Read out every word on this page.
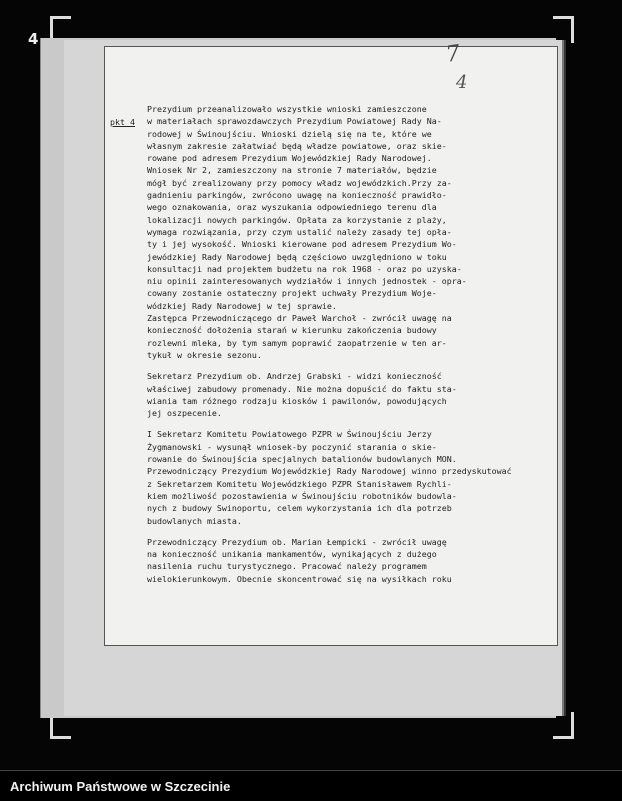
4
7
4
pkt 4
Prezydium przeanalizowało wszystkie wnioski zamieszczone
w materiałach sprawozdawczych Prezydium Powiatowej Rady Na-
rodowej w Świnoujściu. Wnioski dzielą się na te, które we
własnym zakresie załatwiać będą władze powiatowe, oraz skie-
rowane pod adresem Prezydium Wojewódzkiej Rady Narodowej.
Wniosek Nr 2, zamieszczony na stronie 7 materiałów, będzie
mógł być zrealizowany przy pomocy władz wojewódzkich.Przy za-
gadnieniu parkingów, zwrócono uwagę na konieczność prawidło-
wego oznakowania, oraz wyszukania odpowiedniego terenu dla
lokalizacji nowych parkingów. Opłata za korzystanie z plaży,
wymaga rozwiązania, przy czym ustalić należy zasady tej opła-
ty i jej wysokość. Wnioski kierowane pod adresem Prezydium Wo-
jewódzkiej Rady Narodowej będą częściowo uwzględniono w toku
konsultacji nad projektem budżetu na rok 1968 - oraz po uzyska-
niu opinii zainteresowanych wydziałów i innych jednostek - opra-
cowany zostanie ostateczny projekt uchwały Prezydium Woje-
wódzkiej Rady Narodowej w tej sprawie.
Zastępca Przewodniczącego dr Paweł Warchoł - zwrócił uwagę na
konieczność dołożenia starań w kierunku zakończenia budowy
rozlewni mleka, by tym samym poprawić zaopatrzenie w ten ar-
tykuł w okresie sezonu.
Sekretarz Prezydium ob. Andrzej Grabski - widzi konieczność
właściwej zabudowy promenady. Nie można dopuścić do faktu sta-
wiania tam różnego rodzaju kiosków i pawilonów, powodujących
jej oszpecenie.
I Sekretarz Komitetu Powiatowego PZPR w Świnoujściu Jerzy
Żygmanowski - wysunął wniosek-by poczynić starania o skie-
rowanie do Świnoujścia specjalnych batalionów budowlanych MON.
Przewodniczący Prezydium Wojewódzkiej Rady Narodowej winno przedyskutować
z Sekretarzem Komitetu Wojewódzkiego PZPR Stanisławem Rychli-
kiem możliwość pozostawienia w Świnoujściu robotników budowla-
nych z budowy Swinoportu, celem wykorzystania ich dla potrzeb
budowlanych miasta.
Przewodniczący Prezydium ob. Marian Łempicki - zwrócił uwagę
na konieczność unikania mankamentów, wynikających z dużego
nasilenia ruchu turystycznego. Pracować należy programem
wielokierunkowym. Obecnie skoncentrować się na wysiłkach roku
Archiwum Państwowe w Szczecinie
